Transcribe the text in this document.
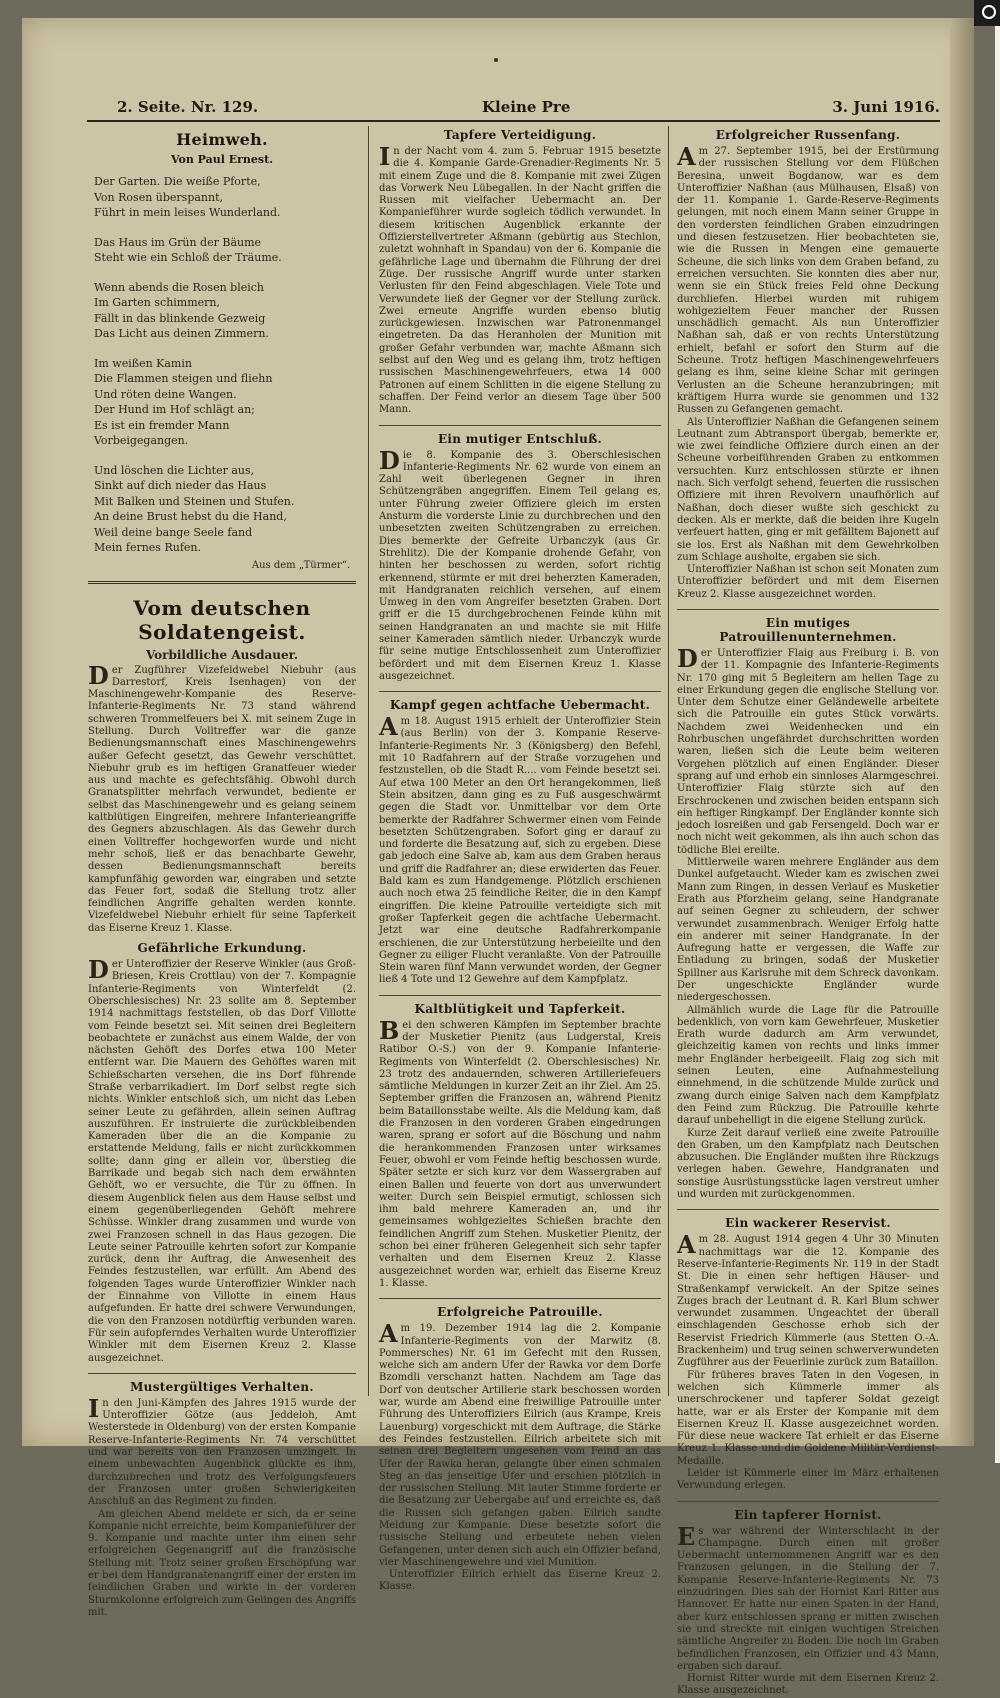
2. Seite. Nr. 129.	Kleine Pre	3. Juni 1916.
Heimweh.
Von Paul Ernest.
Der Garten. Die weiße Pforte,
Von Rosen überspannt,
Führt in mein leises Wunderland.
Das Haus im Grün der Bäume
Steht wie ein Schloß der Träume.
Wenn abends die Rosen bleich
Im Garten schimmern,
Fällt in das blinkende Gezweig
Das Licht aus deinen Zimmern.
Im weißen Kamin
Die Flammen steigen und fliehn
Und röten deine Wangen.
Der Hund im Hof schlägt an;
Es ist ein fremder Mann
Vorbeigegangen.
Und löschen die Lichter aus,
Sinkt auf dich nieder das Haus
Mit Balken und Steinen und Stufen.
An deine Brust hebst du die Hand,
Weil deine bange Seele fand
Mein fernes Rufen.
Aus dem „Türmer“.
Vom deutschen Soldatengeist.
Vorbildliche Ausdauer.

Der Zugführer Vizefeldwebel Niebuhr (aus Darrestorf, Kreis Isenhagen) von der Maschinengewehr-Kompanie des Reserve-Infanterie-Regiments Nr. 73 stand während schweren Trommelfeuers bei X. mit seinem Zuge in Stellung. Durch Volltreffer war die ganze Bedienungsmannschaft eines Maschinengewehrs außer Gefecht gesetzt, das Gewehr verschüttet. Niebuhr grub es im heftigen Granatfeuer wieder aus und machte es gefechtsfähig. Obwohl durch Granatsplitter mehrfach verwundet, bediente er selbst das Maschinengewehr und es gelang seinem kaltblütigen Eingreifen, mehrere Infanterieangriffe des Gegners abzuschlagen. Als das Gewehr durch einen Volltreffer hochgeworfen wurde und nicht mehr schoß, ließ er das benachbarte Gewehr, dessen Bedienungsmannschaft bereits kampfunfähig geworden war, eingraben und setzte das Feuer fort, sodaß die Stellung trotz aller feindlichen Angriffe gehalten werden konnte. Vizefeldwebel Niebuhr erhielt für seine Tapferkeit das Eiserne Kreuz 1. Klasse.

Gefährliche Erkundung.

Der Unteroffizier der Reserve Winkler (aus Groß-Briesen, Kreis Crottlau) von der 7. Kompagnie Infanterie-Regiments von Winterfeldt (2. Oberschlesisches) Nr. 23 sollte am 8. September 1914 nachmittags feststellen, ob das Dorf Villotte vom Feinde besetzt sei. Mit seinen drei Begleitern beobachtete er zunächst aus einem Walde, der von nächsten Gehöft des Dorfes etwa 100 Meter entfernt war. Die Mauern des Gehöftes waren mit Schießscharten versehen, die ins Dorf führende Straße verbarrikadiert. Im Dorf selbst regte sich nichts. Winkler entschloß sich, um nicht das Leben seiner Leute zu gefährden, allein seinen Auftrag auszuführen. Er instruierte die zurückbleibenden Kameraden über die an die Kompanie zu erstattende Meldung, falls er nicht zurückkommen sollte; dann ging er allein vor, überstieg die Barrikade und begab sich nach dem erwähnten Gehöft, wo er versuchte, die Tür zu öffnen. In diesem Augenblick fielen aus dem Hause selbst und einem gegenüberliegenden Gehöft mehrere Schüsse. Winkler drang zusammen und wurde von zwei Franzosen schnell in das Haus gezogen. Die Leute seiner Patrouille kehrten sofort zur Kompanie zurück, denn ihr Auftrag, die Anwesenheit des Feindes festzustellen, war erfüllt. Am Abend des folgenden Tages wurde Unteroffizier Winkler nach der Einnahme von Villotte in einem Haus aufgefunden. Er hatte drei schwere Verwundungen, die von den Franzosen notdürftig verbunden waren. Für sein aufopferndes Verhalten wurde Unteroffizier Winkler mit dem Eisernen Kreuz 2. Klasse ausgezeichnet.

Mustergültiges Verhalten.

In den Juni-Kämpfen des Jahres 1915 wurde der Unteroffizier Götze (aus Jeddeloh, Amt Westerstede in Oldenburg) von der ersten Kompanie Reserve-Infanterie-Regiments Nr. 74 verschüttet und war bereits von den Franzosen umzingelt. In einem unbewachten Augenblick glückte es ihm, durchzubrechen und trotz des Verfolgungsfeuers der Franzosen unter großen Schwierigkeiten Anschluß an das Regiment zu finden.

Am gleichen Abend meldete er sich, da er seine Kompanie nicht erreichte, beim Kompanieführer der 9. Kompanie und machte unter ihm einen sehr erfolgreichen Gegenangriff auf die französische Stellung mit. Trotz seiner großen Erschöpfung war er bei dem Handgranatenangriff einer der ersten im feindlichen Graben und wirkte in der vorderen Sturmkolonne erfolgreich zum Gelingen des Angriffs mit.

Tapfere Verteidigung.

In der Nacht vom 4. zum 5. Februar 1915 besetzte die 4. Kompanie Garde-Grenadier-Regiments Nr. 5 mit einem Zuge und die 8. Kompanie mit zwei Zügen das Vorwerk Neu Lübegallen. In der Nacht griffen die Russen mit vielfacher Uebermacht an. Der Kompanieführer wurde sogleich tödlich verwundet. In diesem kritischen Augenblick erkannte der Offizierstellvertreter Aßmann (gebürtig aus Stechlon, zuletzt wohnhaft in Spandau) von der 6. Kompanie die gefährliche Lage und übernahm die Führung der drei Züge. Der russische Angriff wurde unter starken Verlusten für den Feind abgeschlagen. Viele Tote und Verwundete ließ der Gegner vor der Stellung zurück. Zwei erneute Angriffe wurden ebenso blutig zurückgewiesen. Inzwischen war Patronenmangel eingetreten. Da das Heranholen der Munition mit großer Gefahr verbunden war, machte Aßmann sich selbst auf den Weg und es gelang ihm, trotz heftigen russischen Maschinengewehrfeuers, etwa 14 000 Patronen auf einem Schlitten in die eigene Stellung zu schaffen. Der Feind verlor an diesem Tage über 500 Mann.

Ein mutiger Entschluß.

Die 8. Kompanie des 3. Oberschlesischen Infanterie-Regiments Nr. 62 wurde von einem an Zahl weit überlegenen Gegner in ihren Schützengräben angegriffen. Einem Teil gelang es, unter Führung zweier Offiziere gleich im ersten Ansturm die vorderste Linie zu durchbrechen und den unbesetzten zweiten Schützengraben zu erreichen. Dies bemerkte der Gefreite Urbanczyk (aus Gr. Strehlitz). Die der Kompanie drohende Gefahr, von hinten her beschossen zu werden, sofort richtig erkennend, stürmte er mit drei beherzten Kameraden, mit Handgranaten reichlich versehen, auf einem Umweg in den vom Angreifer besetzten Graben. Dort griff er die 15 durchgebrochenen Feinde kühn mit seinen Handgranaten an und machte sie mit Hilfe seiner Kameraden sämtlich nieder. Urbanczyk wurde für seine mutige Entschlossenheit zum Unteroffizier befördert und mit dem Eisernen Kreuz 1. Klasse ausgezeichnet.

Kampf gegen achtfache Uebermacht.

Am 18. August 1915 erhielt der Unteroffizier Stein (aus Berlin) von der 3. Kompanie Reserve-Infanterie-Regiments Nr. 3 (Königsberg) den Befehl, mit 10 Radfahrern auf der Straße vorzugehen und festzustellen, ob die Stadt R.... vom Feinde besetzt sei. Auf etwa 100 Meter an den Ort herangekommen, ließ Stein absitzen, dann ging es zu Fuß ausgeschwärmt gegen die Stadt vor. Unmittelbar vor dem Orte bemerkte der Radfahrer Schwermer einen vom Feinde besetzten Schützengraben. Sofort ging er darauf zu und forderte die Besatzung auf, sich zu ergeben. Diese gab jedoch eine Salve ab, kam aus dem Graben heraus und griff die Radfahrer an; diese erwiderten das Feuer. Bald kam es zum Handgemenge. Plötzlich erschienen auch noch etwa 25 feindliche Reiter, die in den Kampf eingriffen. Die kleine Patrouille verteidigte sich mit großer Tapferkeit gegen die achtfache Uebermacht. Jetzt war eine deutsche Radfahrerkompanie erschienen, die zur Unterstützung herbeieilte und den Gegner zu eiliger Flucht veranlaßte. Von der Patrouille Stein waren fünf Mann verwundet worden, der Gegner ließ 4 Tote und 12 Gewehre auf dem Kampfplatz.

Kaltblütigkeit und Tapferkeit.

Bei den schweren Kämpfen im September brachte der Musketier Pienitz (aus Ludgerstal, Kreis Ratibor O.-S.) von der 9. Kompanie Infanterie-Regiments von Winterfeldt (2. Oberschlesisches) Nr. 23 trotz des andauernden, schweren Artilleriefeuers sämtliche Meldungen in kurzer Zeit an ihr Ziel. Am 25. September griffen die Franzosen an, während Pienitz beim Bataillonsstabe weilte. Als die Meldung kam, daß die Franzosen in den vorderen Graben eingedrungen waren, sprang er sofort auf die Böschung und nahm die herankommenden Franzosen unter wirksames Feuer, obwohl er vom Feinde heftig beschossen wurde. Später setzte er sich kurz vor dem Wassergraben auf einen Ballen und feuerte von dort aus unverwundert weiter. Durch sein Beispiel ermutigt, schlossen sich ihm bald mehrere Kameraden an, und ihr gemeinsames wohlgezieltes Schießen brachte den feindlichen Angriff zum Stehen. Musketier Pienitz, der schon bei einer früheren Gelegenheit sich sehr tapfer verhalten und dem Eisernen Kreuz 2. Klasse ausgezeichnet worden war, erhielt das Eiserne Kreuz 1. Klasse.

Erfolgreiche Patrouille.

Am 19. Dezember 1914 lag die 2. Kompanie Infanterie-Regiments von der Marwitz (8. Pommersches) Nr. 61 im Gefecht mit den Russen, welche sich am andern Ufer der Rawka vor dem Dorfe Bzomdli verschanzt hatten. Nachdem am Tage das Dorf von deutscher Artillerie stark beschossen worden war, wurde am Abend eine freiwillige Patrouille unter Führung des Unteroffiziers Eilrich (aus Krampe, Kreis Lauenburg) vorgeschickt mit dem Auftrage, die Stärke des Feindes festzustellen. Eilrich arbeitete sich mit seinen drei Begleitern ungesehen vom Feind an das Ufer der Rawka heran, gelangte über einen schmalen Steg an das jenseitige Ufer und erschien plötzlich in der russischen Stellung. Mit lauter Stimme forderte er die Besatzung zur Uebergabe auf und erreichte es, daß die Russen sich gefangen gaben. Eilrich sandte Meldung zur Kompanie. Diese besetzte sofort die russische Stellung und erbeutete neben vielen Gefangenen, unter denen sich auch ein Offizier befand, vier Maschinengewehre und viel Munition.

Unteroffizier Eilrich erhielt das Eiserne Kreuz 2. Klasse.

Erfolgreicher Russenfang.

Am 27. September 1915, bei der Erstürmung der russischen Stellung vor dem Flüßchen Beresina, unweit Bogdanow, war es dem Unteroffizier Naßhan (aus Mülhausen, Elsaß) von der 11. Kompanie 1. Garde-Reserve-Regiments gelungen, mit noch einem Mann seiner Gruppe in den vordersten feindlichen Graben einzudringen und diesen festzusetzen. Hier beobachteten sie, wie die Russen in Mengen eine gemauerte Scheune, die sich links von dem Graben befand, zu erreichen versuchten. Sie konnten dies aber nur, wenn sie ein Stück freies Feld ohne Deckung durchliefen. Hierbei wurden mit ruhigem wohlgezieltem Feuer mancher der Russen unschädlich gemacht. Als nun Unteroffizier Naßhan sah, daß er von rechts Unterstützung erhielt, befahl er sofort den Sturm auf die Scheune. Trotz heftigen Maschinengewehrfeuers gelang es ihm, seine kleine Schar mit geringen Verlusten an die Scheune heranzubringen; mit kräftigem Hurra wurde sie genommen und 132 Russen zu Gefangenen gemacht.

Als Unteroffizier Naßhan die Gefangenen seinem Leutnant zum Abtransport übergab, bemerkte er, wie zwei feindliche Offiziere durch einen an der Scheune vorbeiführenden Graben zu entkommen versuchten. Kurz entschlossen stürzte er ihnen nach. Sich verfolgt sehend, feuerten die russischen Offiziere mit ihren Revolvern unaufhörlich auf Naßhan, doch dieser wußte sich geschickt zu decken. Als er merkte, daß die beiden ihre Kugeln verfeuert hatten, ging er mit gefälltem Bajonett auf sie los. Erst als Naßhan mit dem Gewehrkolben zum Schlage ausholte, ergaben sie sich.

Unteroffizier Naßhan ist schon seit Monaten zum Unteroffizier befördert und mit dem Eisernen Kreuz 2. Klasse ausgezeichnet worden.

Ein mutiges Patrouillenunternehmen.

Der Unteroffizier Flaig aus Freiburg i. B. von der 11. Kompagnie des Infanterie-Regiments Nr. 170 ging mit 5 Begleitern am hellen Tage zu einer Erkundung gegen die englische Stellung vor. Unter dem Schutze einer Geländewelle arbeitete sich die Patrouille ein gutes Stück vorwärts. Nachdem zwei Weidenhecken und ein Rohrbuschen ungefährdet durchschritten worden waren, ließen sich die Leute beim weiteren Vorgehen plötzlich auf einen Engländer. Dieser sprang auf und erhob ein sinnloses Alarmgeschrei. Unteroffizier Flaig stürzte sich auf den Erschrockenen und zwischen beiden entspann sich ein heftiger Ringkampf. Der Engländer konnte sich jedoch losreißen und gab Fersengeld. Doch war er noch nicht weit gekommen, als ihn auch schon das tödliche Blei ereilte.

Mittlerweile waren mehrere Engländer aus dem Dunkel aufgetaucht. Wieder kam es zwischen zwei Mann zum Ringen, in dessen Verlauf es Musketier Erath aus Pforzheim gelang, seine Handgranate auf seinen Gegner zu schleudern, der schwer verwundet zusammenbrach. Weniger Erfolg hatte ein anderer mit seiner Handgranate. In der Aufregung hatte er vergessen, die Waffe zur Entladung zu bringen, sodaß der Musketier Spillner aus Karlsruhe mit dem Schreck davonkam. Der ungeschickte Engländer wurde niedergeschossen.

Allmählich wurde die Lage für die Patrouille bedenklich, von vorn kam Gewehrfeuer, Musketier Erath wurde dadurch am Arm verwundet, gleichzeitig kamen von rechts und links immer mehr Engländer herbeigeeilt. Flaig zog sich mit seinen Leuten, eine Aufnahmestellung einnehmend, in die schützende Mulde zurück und zwang durch einige Salven nach dem Kampfplatz den Feind zum Rückzug. Die Patrouille kehrte darauf unbehelligt in die eigene Stellung zurück.

Kurze Zeit darauf verließ eine zweite Patrouille den Graben, um den Kampfplatz nach Deutschen abzusuchen. Die Engländer mußten ihre Rückzugs verlegen haben. Gewehre, Handgranaten und sonstige Ausrüstungsstücke lagen verstreut umher und wurden mit zurückgenommen.

Ein wackerer Reservist.

Am 28. August 1914 gegen 4 Uhr 30 Minuten nachmittags war die 12. Kompanie des Reserve-Infanterie-Regiments Nr. 119 in der Stadt St. Die in einen sehr heftigen Häuser- und Straßenkampf verwickelt. An der Spitze seines Zuges brach der Leutnant d. R. Karl Blum schwer verwundet zusammen. Ungeachtet der überall einschlagenden Geschosse erhob sich der Reservist Friedrich Kümmerle (aus Stetten O.-A. Brackenheim) und trug seinen schwerverwundeten Zugführer aus der Feuerlinie zurück zum Bataillon.

Für früheres braves Taten in den Vogesen, in welchen sich Kümmerle immer als unerschrockener und tapferer Soldat gezeigt hatte, war er als Erster der Kompanie mit dem Eisernen Kreuz II. Klasse ausgezeichnet worden. Für diese neue wackere Tat erhielt er das Eiserne Kreuz 1. Klasse und die Goldene Militär-Verdienst-Medaille.

Leider ist Kümmerle einer im März erhaltenen Verwundung erlegen.

Ein tapferer Hornist.

Es war während der Winterschlacht in der Champagne. Durch einen mit großer Uebermacht unternommenen Angriff war es den Franzosen gelungen, in die Stellung der 7. Kompanie Reserve-Infanterie-Regiments Nr. 73 einzudringen. Dies sah der Hornist Karl Ritter aus Hannover. Er hatte nur einen Spaten in der Hand, aber kurz entschlossen sprang er mitten zwischen sie und streckte mit einigen wuchtigen Streichen sämtliche Angreifer zu Boden. Die noch im Graben befindlichen Franzosen, ein Offizier und 43 Mann, ergaben sich darauf.

Hornist Ritter wurde mit dem Eisernen Kreuz 2. Klasse ausgezeichnet.
